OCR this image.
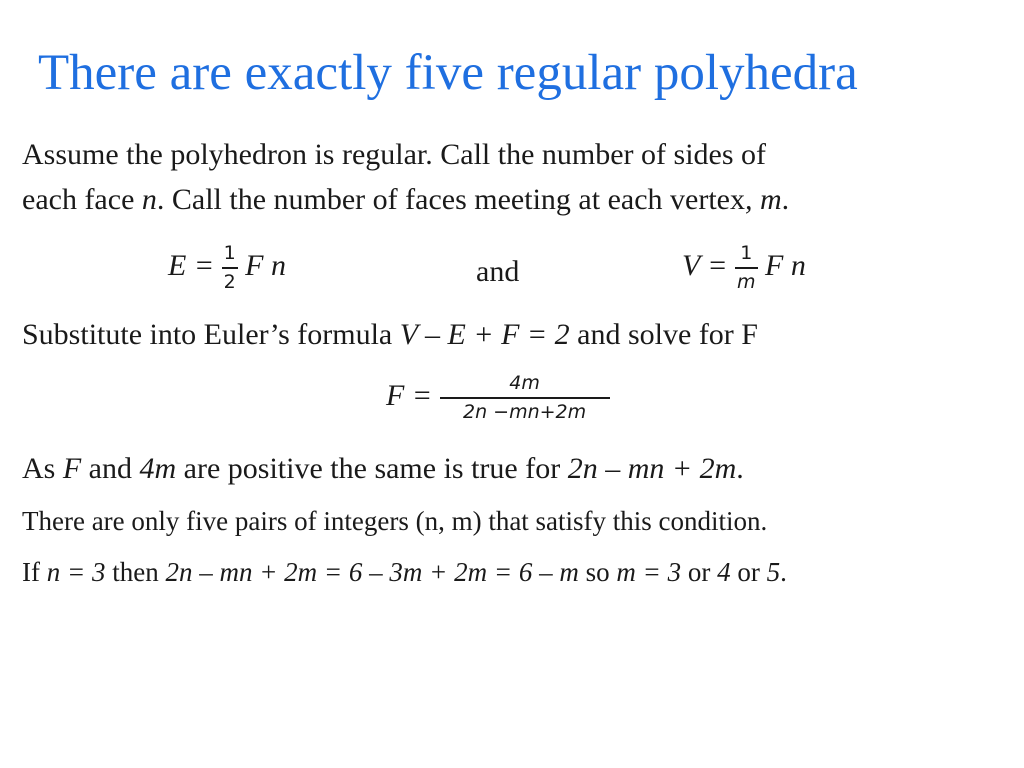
There are exactly five regular polyhedra
Assume the polyhedron is regular. Call the number of sides of
each face n. Call the number of faces meeting at each vertex, m.
$E = \frac{1}{2}$ F n	and	$V = \frac{1}{m}$ F n
Substitute into Euler’s formula V – E + F = 2 and solve for F
$F = \frac{4m}{2n -mn+2m}$
As F and 4m are positive the same is true for 2n – mn + 2m.
There are only five pairs of integers (n, m) that satisfy this condition.
If n = 3 then 2n – mn + 2m = 6 – 3m + 2m = 6 – m so m = 3 or 4 or 5.
